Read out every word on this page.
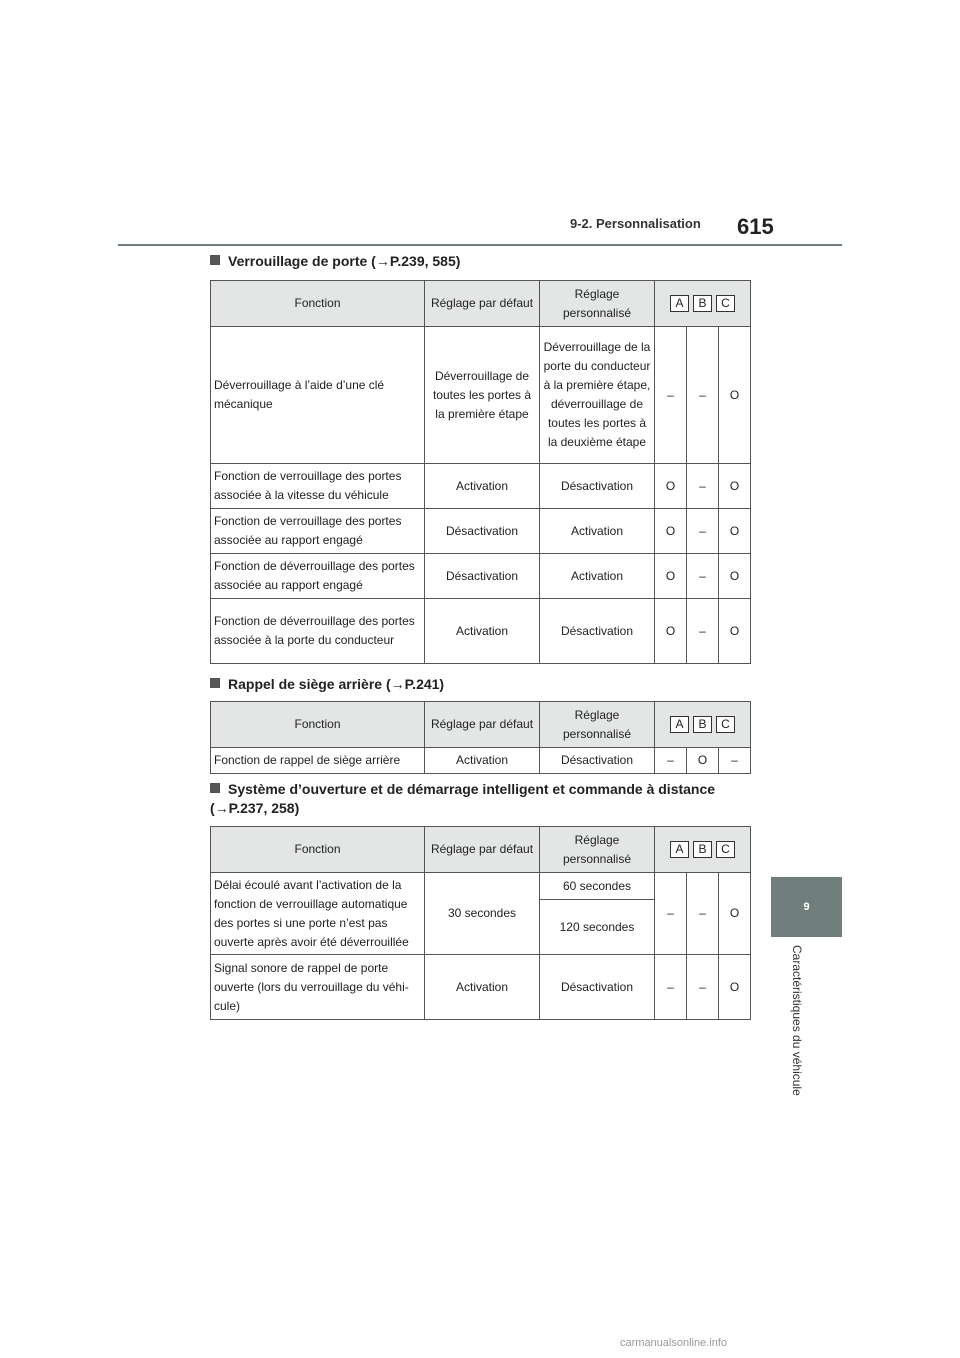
9-2. Personnalisation 615
9
Caractéristiques du véhicule
Verrouillage de porte (→P.239, 585)
Fonction	Réglage par défaut	Réglage personnalisé	A B C		
Déverrouillage à l’aide d’une clé mécanique	Déverrouillage de toutes les portes à la première étape	Déverrouillage de la porte du conducteur à la première étape, déverrouillage de toutes les portes à la deuxième étape	–	–	O
Fonction de verrouillage des portes associée à la vitesse du véhicule	Activation	Désactivation	O	–	O
Fonction de verrouillage des portes associée au rapport engagé	Désactivation	Activation	O	–	O
Fonction de déverrouillage des portes associée au rapport engagé	Désactivation	Activation	O	–	O
Fonction de déverrouillage des portes associée à la porte du conducteur	Activation	Désactivation	O	–	O
Rappel de siège arrière (→P.241)
Fonction	Réglage par défaut	Réglage personnalisé	A B C		
Fonction de rappel de siège arrière	Activation	Désactivation	–	O	–
Système d’ouverture et de démarrage intelligent et commande à distance
(→P.237, 258)
Fonction	Réglage par défaut	Réglage personnalisé	A B C		
Délai écoulé avant l’activation de la fonction de verrouillage automatique des portes si une porte n’est pas ouverte après avoir été déverrouillée	30 secondes	60 secondes	–	–	O
		120 secondes			
Signal sonore de rappel de porte ouverte (lors du verrouillage du véhi-cule)	Activation	Désactivation	–	–	O
carmanualsonline.info
